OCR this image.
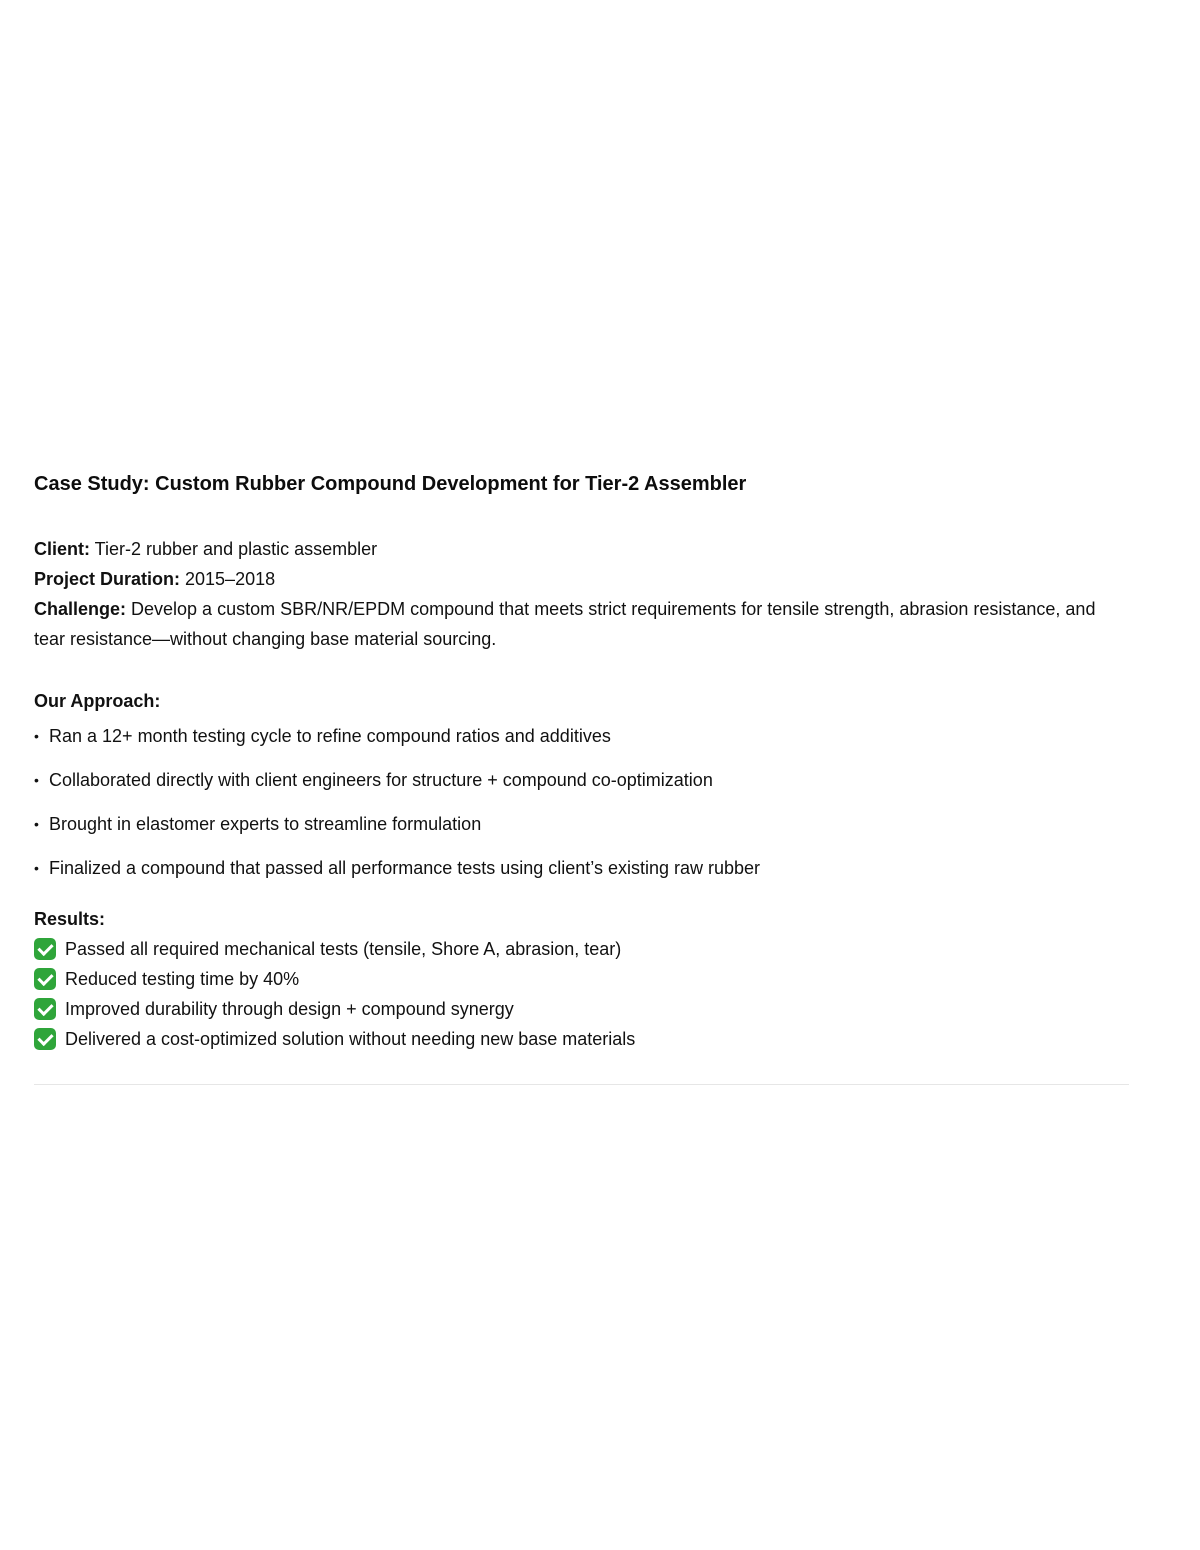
Case Study: Custom Rubber Compound Development for Tier-2 Assembler

Client: Tier-2 rubber and plastic assembler

Project Duration: 2015–2018

Challenge: Develop a custom SBR/NR/EPDM compound that meets strict requirements for tensile strength, abrasion resistance, and tear resistance—without changing base material sourcing.

Our Approach:

• Ran a 12+ month testing cycle to refine compound ratios and additives
• Collaborated directly with client engineers for structure + compound co-optimization
• Brought in elastomer experts to streamline formulation
• Finalized a compound that passed all performance tests using client’s existing raw rubber

Results:

Passed all required mechanical tests (tensile, Shore A, abrasion, tear)
Reduced testing time by 40%
Improved durability through design + compound synergy
Delivered a cost-optimized solution without needing new base materials
